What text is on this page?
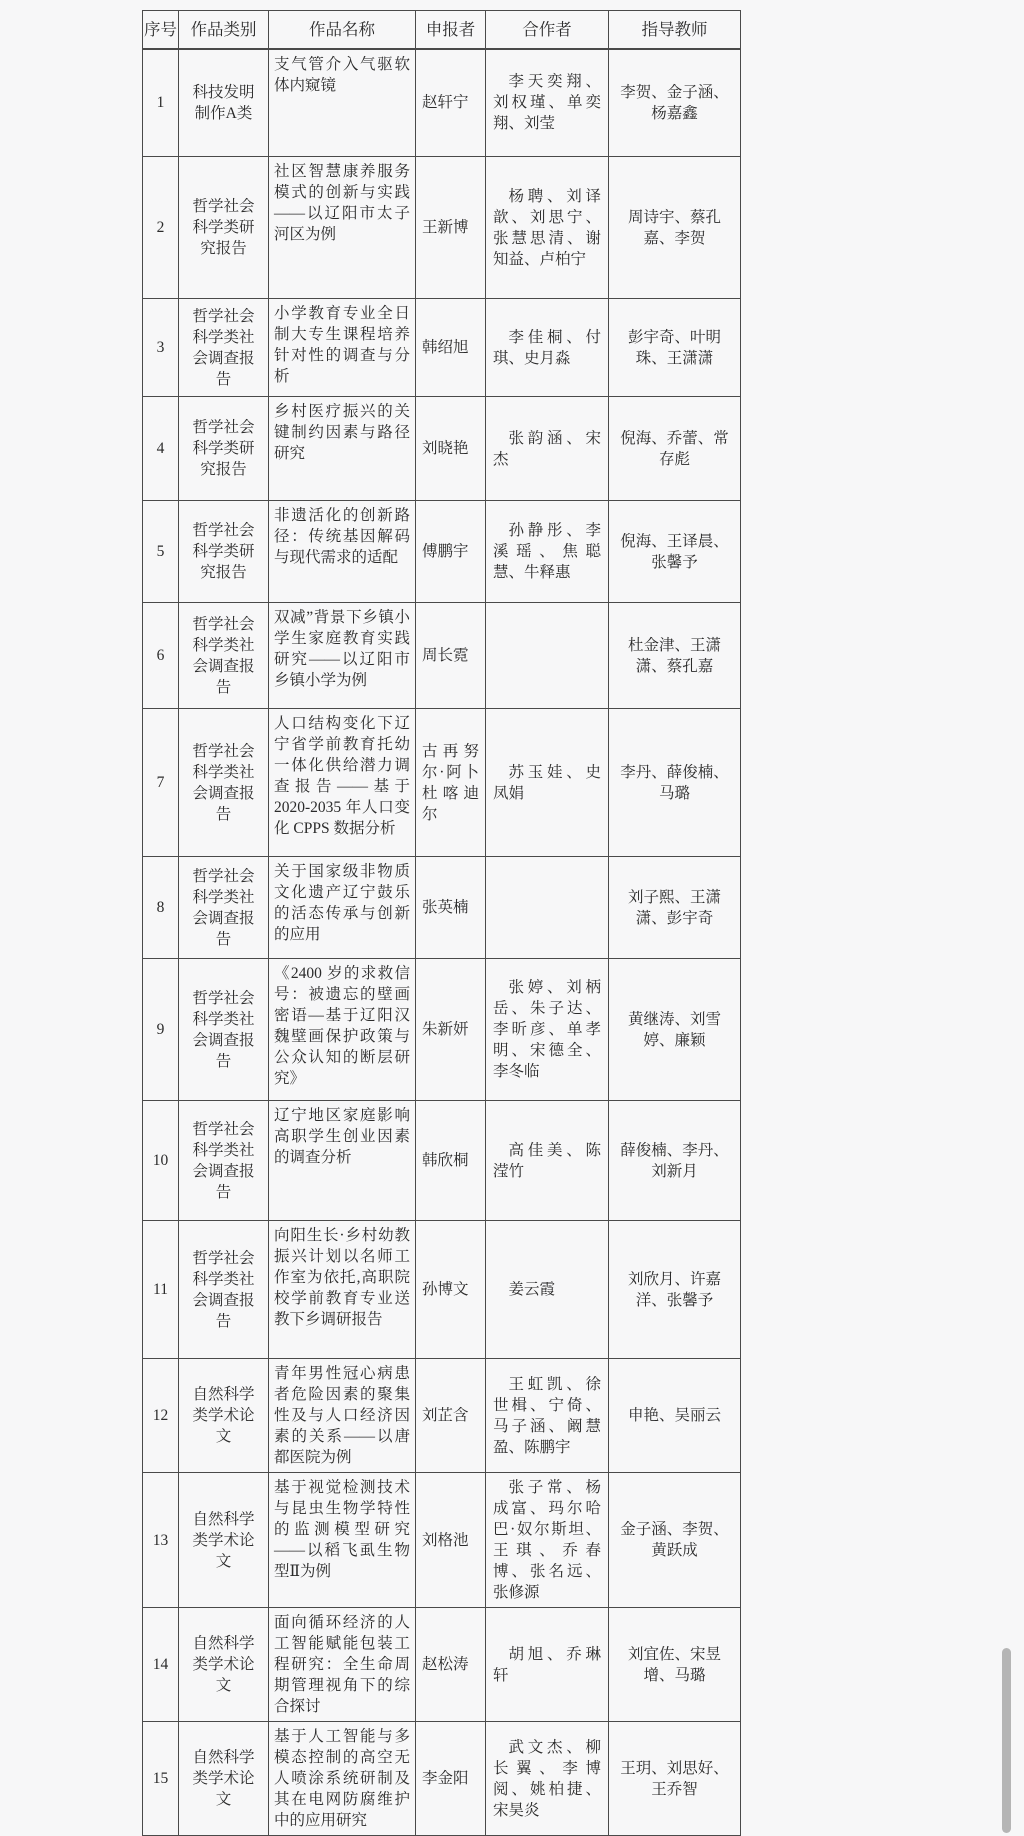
序号	作品类别	作品名称	申报者	合作者	指导教师
1	科技发明制作A类	支气管介入气驱软体内窥镜	赵轩宁	李天奕翔、刘权瑾、单奕翔、刘莹	李贺、金子涵、杨嘉鑫
2	哲学社会科学类研究报告	社区智慧康养服务模式的创新与实践——以辽阳市太子河区为例	王新博	杨聘、刘译歆、刘思宁、张慧思清、谢知益、卢柏宁	周诗宇、蔡孔嘉、李贺
3	哲学社会科学类社会调查报告	小学教育专业全日制大专生课程培养针对性的调查与分析	韩绍旭	李佳桐、付琪、史月淼	彭宇奇、叶明珠、王潇潇
4	哲学社会科学类研究报告	乡村医疗振兴的关键制约因素与路径研究	刘晓艳	张韵涵、宋杰	倪海、乔蕾、常存彪
5	哲学社会科学类研究报告	非遗活化的创新路径：传统基因解码与现代需求的适配	傅鹏宇	孙静彤、李溪瑶、焦聪慧、牛释惠	倪海、王译晨、张馨予
6	哲学社会科学类社会调查报告	双减”背景下乡镇小学生家庭教育实践研究——以辽阳市乡镇小学为例	周长霓		杜金津、王潇潇、蔡孔嘉
7	哲学社会科学类社会调查报告	人口结构变化下辽宁省学前教育托幼一体化供给潜力调查报告——基于 2020-2035 年人口变化 CPPS 数据分析	古再努尔·阿卜杜喀迪尔	苏玉娃、史凤娟	李丹、薛俊楠、马璐
8	哲学社会科学类社会调查报告	关于国家级非物质文化遗产辽宁鼓乐的活态传承与创新的应用	张英楠		刘子熙、王潇潇、彭宇奇
9	哲学社会科学类社会调查报告	《2400 岁的求救信号：被遗忘的壁画密语—基于辽阳汉魏壁画保护政策与公众认知的断层研究》	朱新妍	张婷、刘柄岳、朱子达、李昕彦、单孝明、宋德全、李冬临	黄继涛、刘雪婷、廉颖
10	哲学社会科学类社会调查报告	辽宁地区家庭影响高职学生创业因素的调查分析	韩欣桐	高佳美、陈滢竹	薛俊楠、李丹、刘新月
11	哲学社会科学类社会调查报告	向阳生长·乡村幼教振兴计划以名师工作室为依托,高职院校学前教育专业送教下乡调研报告	孙博文	姜云霞	刘欣月、许嘉洋、张馨予
12	自然科学类学术论文	青年男性冠心病患者危险因素的聚集性及与人口经济因素的关系——以唐都医院为例	刘芷含	王虹凯、徐世楫、宁倚、马子涵、阚慧盈、陈鹏宇	申艳、吴丽云
13	自然科学类学术论文	基于视觉检测技术与昆虫生物学特性的监测模型研究——以稻飞虱生物型Ⅱ为例	刘格池	张子常、杨成富、玛尔哈巴·奴尔斯坦、王琪、乔春博、张名远、张修源	金子涵、李贺、黄跃成
14	自然科学类学术论文	面向循环经济的人工智能赋能包装工程研究：全生命周期管理视角下的综合探讨	赵松涛	胡旭、乔琳轩	刘宜佐、宋昱增、马璐
15	自然科学类学术论文	基于人工智能与多模态控制的高空无人喷涂系统研制及其在电网防腐维护中的应用研究	李金阳	武文杰、柳长翼、李博阅、姚柏捷、宋昊炎	王玥、刘思好、王乔智
